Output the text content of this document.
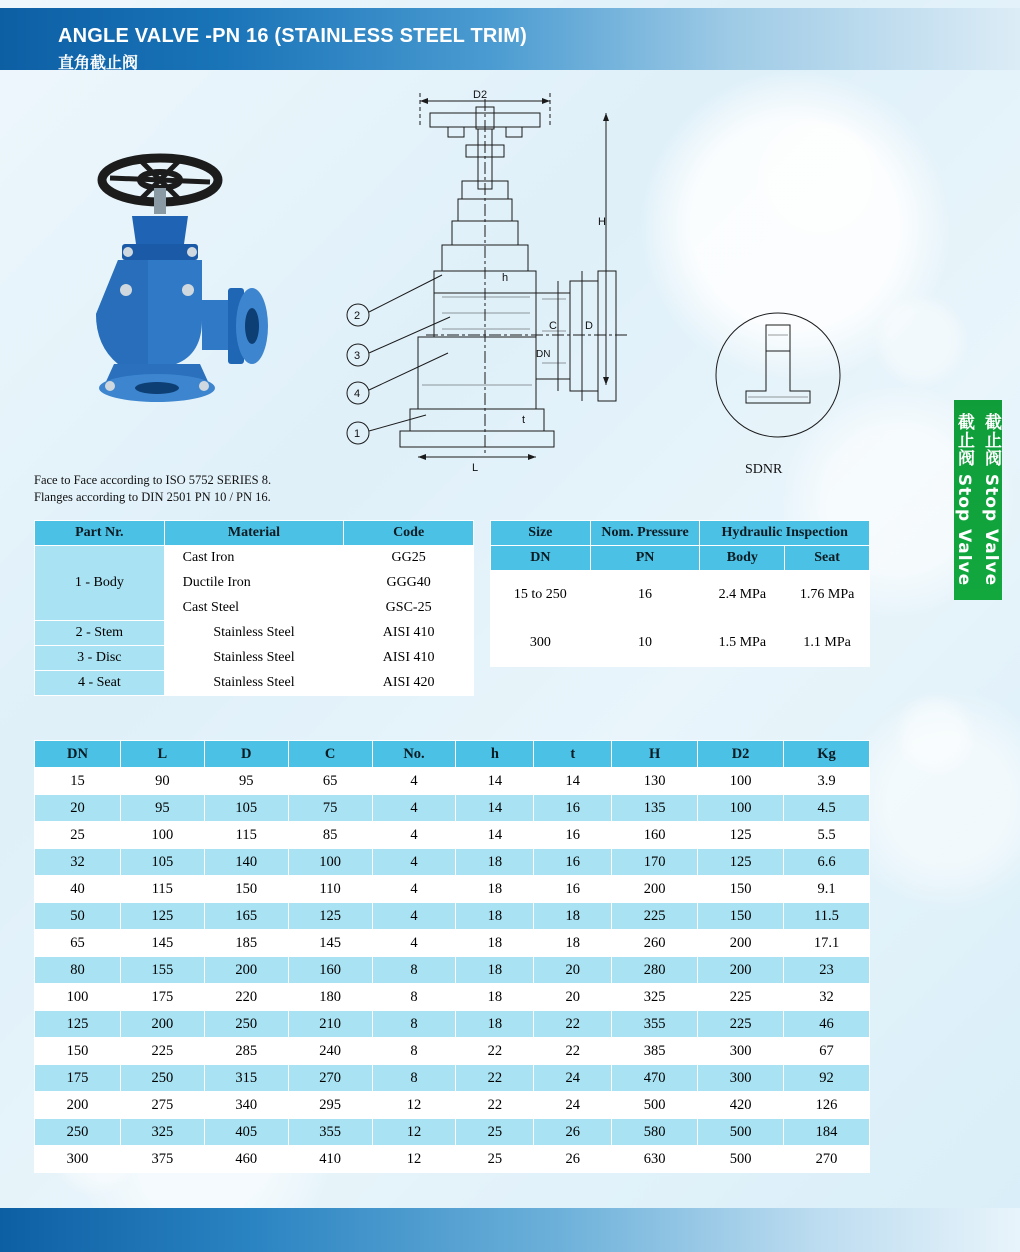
ANGLE VALVE -PN 16 (STAINLESS STEEL TRIM)
直角截止阀
截止阀 Stop Valve 截止阀 Stop Valve
D2
H
C	D
DN
h
t
L
2
3
4
1
SDNR
Face to Face according to ISO 5752 SERIES 8.
Flanges according to DIN 2501 PN 10 / PN 16.
Part Nr.	Material	Code
1 - Body	Cast Iron	GG25
	Ductile Iron	GGG40
	Cast Steel	GSC-25
2 - Stem	Stainless Steel	AISI 410
3 - Disc	Stainless Steel	AISI 410
4 - Seat	Stainless Steel	AISI 420
Size	Nom. Pressure	Hydraulic Inspection	
DN	PN	Body	Seat
15 to 250	16	2.4 MPa	1.76 MPa
300	10	1.5 MPa	1.1 MPa
DN	L	D	C	No.	h	t	H	D2	Kg
15	90	95	65	4	14	14	130	100	3.9
20	95	105	75	4	14	16	135	100	4.5
25	100	115	85	4	14	16	160	125	5.5
32	105	140	100	4	18	16	170	125	6.6
40	115	150	110	4	18	16	200	150	9.1
50	125	165	125	4	18	18	225	150	11.5
65	145	185	145	4	18	18	260	200	17.1
80	155	200	160	8	18	20	280	200	23
100	175	220	180	8	18	20	325	225	32
125	200	250	210	8	18	22	355	225	46
150	225	285	240	8	22	22	385	300	67
175	250	315	270	8	22	24	470	300	92
200	275	340	295	12	22	24	500	420	126
250	325	405	355	12	25	26	580	500	184
300	375	460	410	12	25	26	630	500	270
